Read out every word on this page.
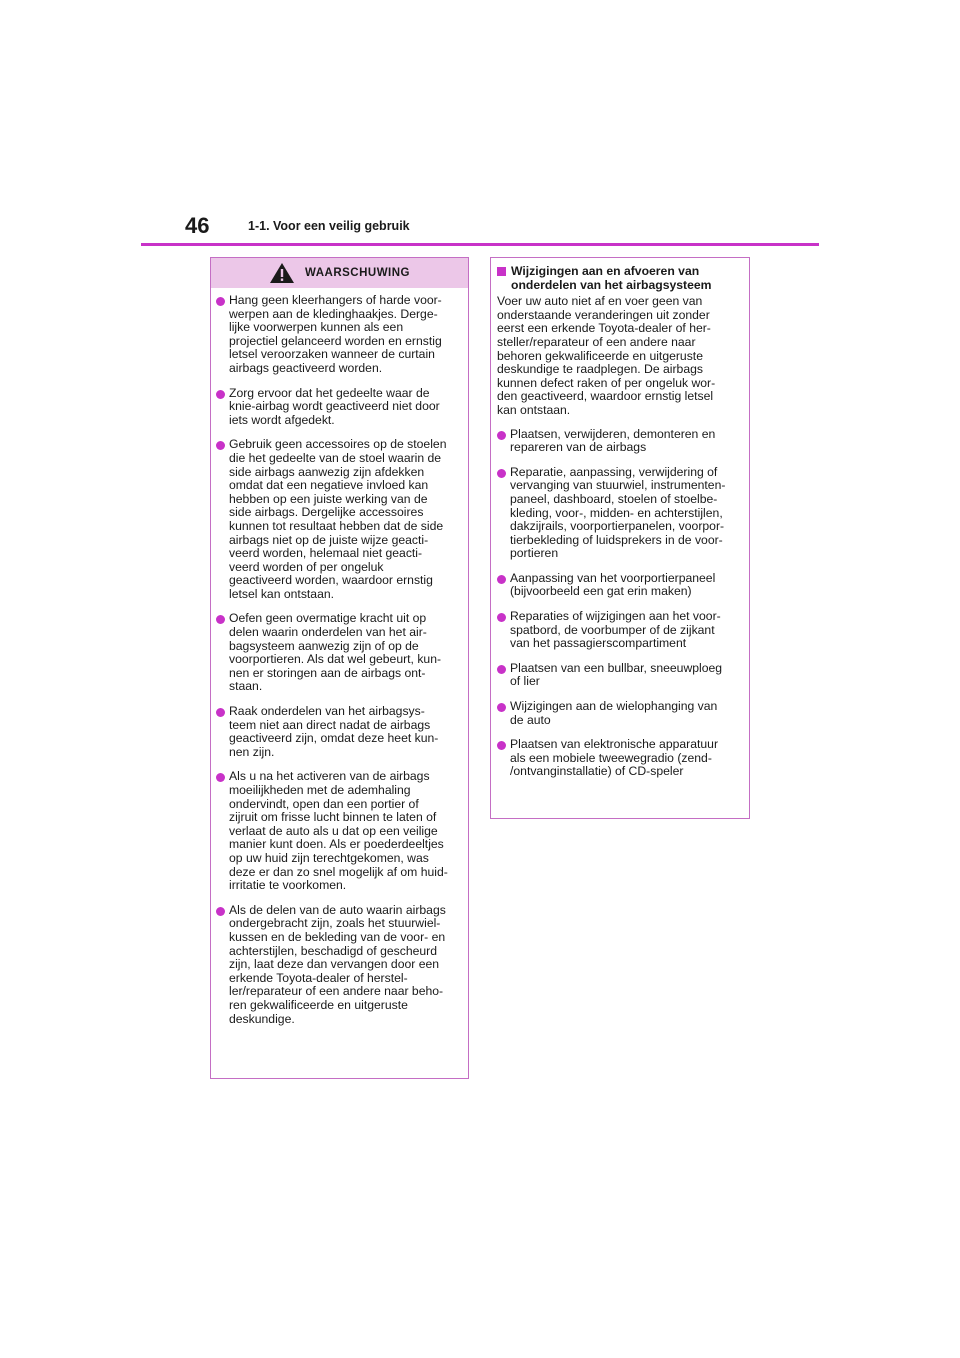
46	1-1. Voor een veilig gebruik
WAARSCHUWING
Hang geen kleerhangers of harde voor-
werpen aan de kledinghaakjes. Derge-
lijke voorwerpen kunnen als een
projectiel gelanceerd worden en ernstig
letsel veroorzaken wanneer de curtain
airbags geactiveerd worden.
Zorg ervoor dat het gedeelte waar de
knie-airbag wordt geactiveerd niet door
iets wordt afgedekt.
Gebruik geen accessoires op de stoelen
die het gedeelte van de stoel waarin de
side airbags aanwezig zijn afdekken
omdat dat een negatieve invloed kan
hebben op een juiste werking van de
side airbags. Dergelijke accessoires
kunnen tot resultaat hebben dat de side
airbags niet op de juiste wijze geacti-
veerd worden, helemaal niet geacti-
veerd worden of per ongeluk
geactiveerd worden, waardoor ernstig
letsel kan ontstaan.
Oefen geen overmatige kracht uit op
delen waarin onderdelen van het air-
bagsysteem aanwezig zijn of op de
voorportieren. Als dat wel gebeurt, kun-
nen er storingen aan de airbags ont-
staan.
Raak onderdelen van het airbagsys-
teem niet aan direct nadat de airbags
geactiveerd zijn, omdat deze heet kun-
nen zijn.
Als u na het activeren van de airbags
moeilijkheden met de ademhaling
ondervindt, open dan een portier of
zijruit om frisse lucht binnen te laten of
verlaat de auto als u dat op een veilige
manier kunt doen. Als er poederdeeltjes
op uw huid zijn terechtgekomen, was
deze er dan zo snel mogelijk af om huid-
irritatie te voorkomen.
Als de delen van de auto waarin airbags
ondergebracht zijn, zoals het stuurwiel-
kussen en de bekleding van de voor- en
achterstijlen, beschadigd of gescheurd
zijn, laat deze dan vervangen door een
erkende Toyota-dealer of herstel-
ler/reparateur of een andere naar beho-
ren gekwalificeerde en uitgeruste
deskundige.
Wijzigingen aan en afvoeren van
onderdelen van het airbagsysteem
Voer uw auto niet af en voer geen van
onderstaande veranderingen uit zonder
eerst een erkende Toyota-dealer of her-
steller/reparateur of een andere naar
behoren gekwalificeerde en uitgeruste
deskundige te raadplegen. De airbags
kunnen defect raken of per ongeluk wor-
den geactiveerd, waardoor ernstig letsel
kan ontstaan.
Plaatsen, verwijderen, demonteren en
repareren van de airbags
Reparatie, aanpassing, verwijdering of
vervanging van stuurwiel, instrumenten-
paneel, dashboard, stoelen of stoelbe-
kleding, voor-, midden- en achterstijlen,
dakzijrails, voorportierpanelen, voorpor-
tierbekleding of luidsprekers in de voor-
portieren
Aanpassing van het voorportierpaneel
(bijvoorbeeld een gat erin maken)
Reparaties of wijzigingen aan het voor-
spatbord, de voorbumper of de zijkant
van het passagierscompartiment
Plaatsen van een bullbar, sneeuwploeg
of lier
Wijzigingen aan de wielophanging van
de auto
Plaatsen van elektronische apparatuur
als een mobiele tweewegradio (zend-
/ontvanginstallatie) of CD-speler
